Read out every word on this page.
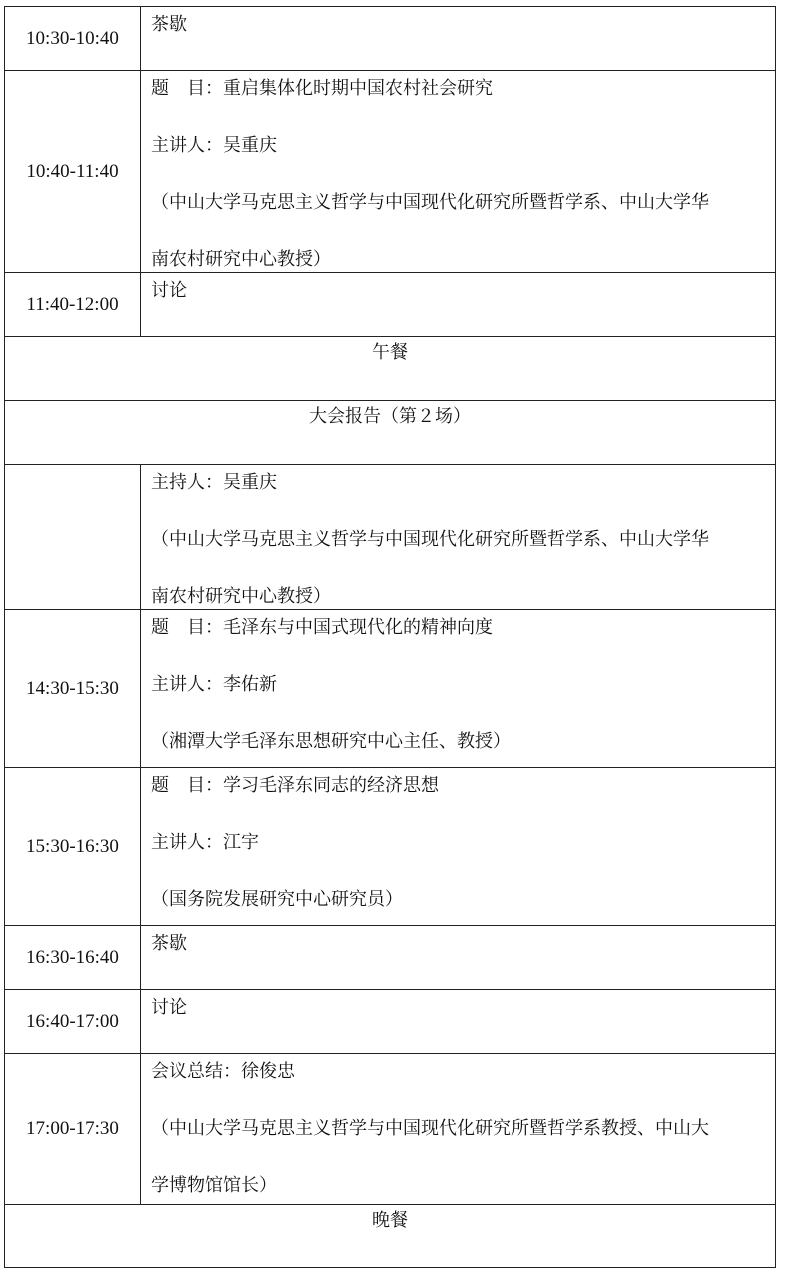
10:30-10:40
茶歇
10:40-11:40
题　目：重启集体化时期中国农村社会研究
主讲人：吴重庆
（中山大学马克思主义哲学与中国现代化研究所暨哲学系、中山大学华
南农村研究中心教授）
11:40-12:00
讨论
午餐
大会报告（第２场）
主持人：吴重庆
（中山大学马克思主义哲学与中国现代化研究所暨哲学系、中山大学华
南农村研究中心教授）
14:30-15:30
题　目：毛泽东与中国式现代化的精神向度
主讲人：李佑新
（湘潭大学毛泽东思想研究中心主任、教授）
15:30-16:30
题　目：学习毛泽东同志的经济思想
主讲人：江宇
（国务院发展研究中心研究员）
16:30-16:40
茶歇
16:40-17:00
讨论
17:00-17:30
会议总结：徐俊忠
（中山大学马克思主义哲学与中国现代化研究所暨哲学系教授、中山大
学博物馆馆长）
晚餐
